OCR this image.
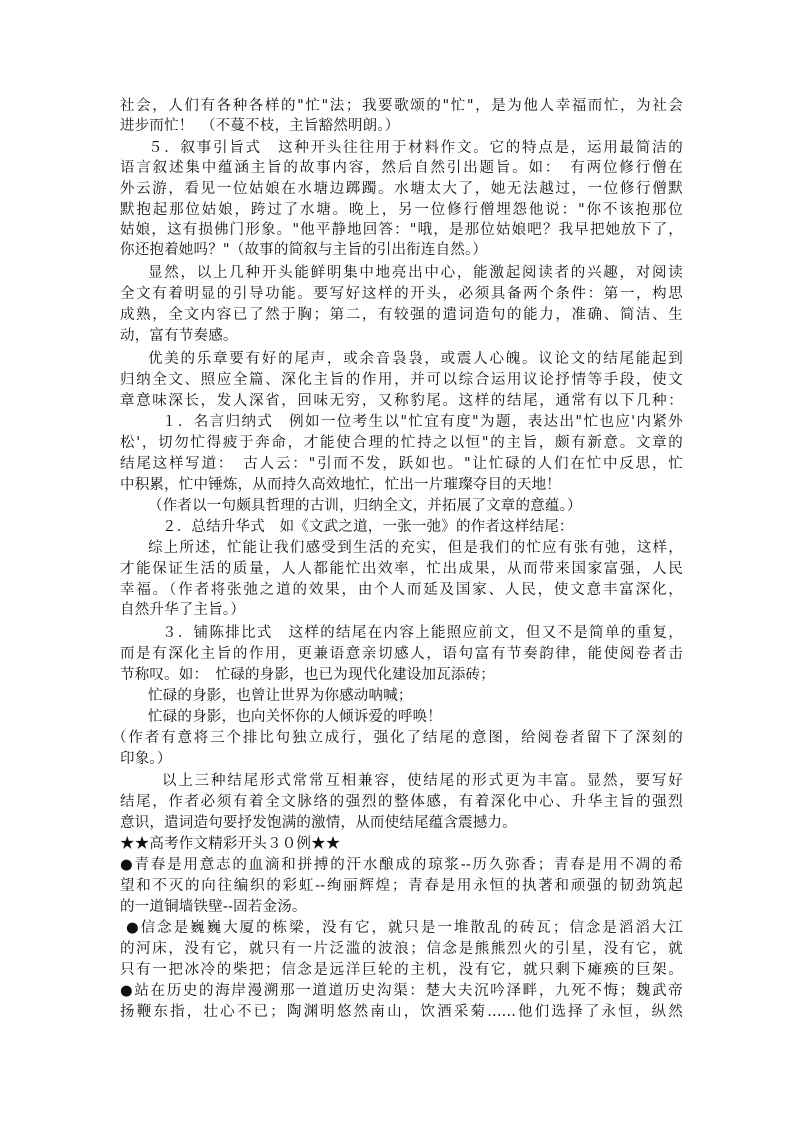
社会，人们有各种各样的"忙"法；我要歌颂的"忙"，是为他人幸福而忙，为社会
进步而忙！　（不蔓不枝，主旨豁然明朗。）
５．叙事引旨式　这种开头往往用于材料作文。它的特点是，运用最简洁的
语言叙述集中蕴涵主旨的故事内容，然后自然引出题旨。如：　有两位修行僧在
外云游，看见一位姑娘在水塘边踯躅。水塘太大了，她无法越过，一位修行僧默
默抱起那位姑娘，跨过了水塘。晚上，另一位修行僧埋怨他说："你不该抱那位
姑娘，这有损佛门形象。"他平静地回答："哦，是那位姑娘吧？我早把她放下了，
你还抱着她吗？"（故事的简叙与主旨的引出衔连自然。）
显然，以上几种开头能鲜明集中地亮出中心，能激起阅读者的兴趣，对阅读
全文有着明显的引导功能。要写好这样的开头，必须具备两个条件：第一，构思
成熟，全文内容已了然于胸；第二，有较强的遣词造句的能力，准确、简洁、生
动，富有节奏感。
优美的乐章要有好的尾声，或余音袅袅，或震人心魄。议论文的结尾能起到
归纳全文、照应全篇、深化主旨的作用，并可以综合运用议论抒情等手段，使文
章意味深长，发人深省，回味无穷，又称豹尾。这样的结尾，通常有以下几种：
１．名言归纳式　例如一位考生以"忙宜有度"为题，表达出"忙也应'内紧外
松'，切勿忙得疲于奔命，才能使合理的忙持之以恒"的主旨，颇有新意。文章的
结尾这样写道：　古人云："引而不发，跃如也。"让忙碌的人们在忙中反思，忙
中积累，忙中锤炼，从而持久高效地忙，忙出一片璀璨夺目的天地！
（作者以一句颇具哲理的古训，归纳全文，并拓展了文章的意蕴。）
２．总结升华式　如《文武之道，一张一弛》的作者这样结尾：
综上所述，忙能让我们感受到生活的充实，但是我们的忙应有张有弛，这样，
才能保证生活的质量，人人都能忙出效率，忙出成果，从而带来国家富强，人民
幸福。（作者将张弛之道的效果，由个人而延及国家、人民，使文意丰富深化，
自然升华了主旨。）
３．铺陈排比式　这样的结尾在内容上能照应前文，但又不是简单的重复，
而是有深化主旨的作用，更兼语意亲切感人，语句富有节奏韵律，能使阅卷者击
节称叹。如：　忙碌的身影，也已为现代化建设加瓦添砖；
忙碌的身影，也曾让世界为你感动呐喊；
忙碌的身影，也向关怀你的人倾诉爱的呼唤！
（作者有意将三个排比句独立成行，强化了结尾的意图，给阅卷者留下了深刻的
印象。）
以上三种结尾形式常常互相兼容，使结尾的形式更为丰富。显然，要写好
结尾，作者必须有着全文脉络的强烈的整体感，有着深化中心、升华主旨的强烈
意识，遣词造句要抒发饱满的激情，从而使结尾蕴含震撼力。
★★高考作文精彩开头３０例★★
●青春是用意志的血滴和拼搏的汗水酿成的琼浆--历久弥香；青春是用不凋的希
望和不灭的向往编织的彩虹--绚丽辉煌；青春是用永恒的执著和顽强的韧劲筑起
的一道铜墙铁壁--固若金汤。
●信念是巍巍大厦的栋梁，没有它，就只是一堆散乱的砖瓦；信念是滔滔大江
的河床，没有它，就只有一片泛滥的波浪；信念是熊熊烈火的引星，没有它，就
只有一把冰冷的柴把；信念是远洋巨轮的主机，没有它，就只剩下瘫痪的巨架。
●站在历史的海岸漫溯那一道道历史沟渠：楚大夫沉吟泽畔，九死不悔；魏武帝
扬鞭东指，壮心不已；陶渊明悠然南山，饮酒采菊......他们选择了永恒，纵然
